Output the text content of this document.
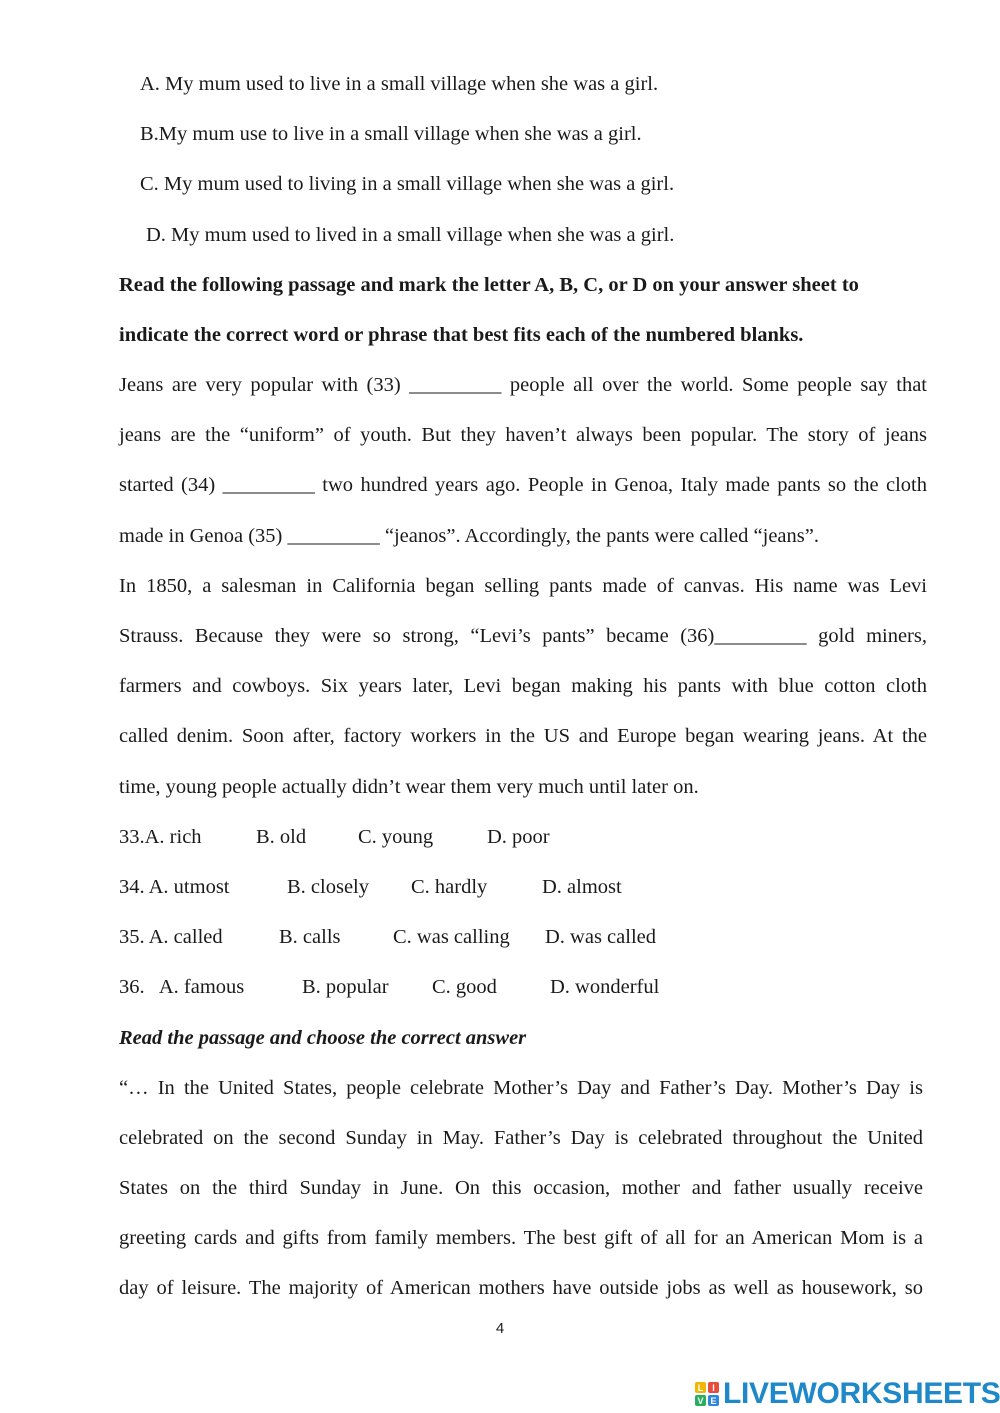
A. My mum used to live in a small village when she was a girl.
B.My mum use to live in a small village when she was a girl.
C. My mum used to living in a small village when she was a girl.
D. My mum used to lived in a small village when she was a girl.
Read the following passage and mark the letter A, B, C, or D on your answer sheet to
indicate the correct word or phrase that best fits each of the numbered blanks.
Jeans are very popular with (33) _________ people all over the world. Some people say that
jeans are the “uniform” of youth. But they haven’t always been popular. The story of jeans
started (34) _________ two hundred years ago. People in Genoa, Italy made pants so the cloth
made in Genoa (35) _________ “jeanos”. Accordingly, the pants were called “jeans”.
In 1850, a salesman in California began selling pants made of canvas. His name was Levi
Strauss. Because they were so strong, “Levi’s pants” became (36)_________ gold miners,
farmers and cowboys. Six years later, Levi began making his pants with blue cotton cloth
called denim. Soon after, factory workers in the US and Europe began wearing jeans. At the
time, young people actually didn’t wear them very much until later on.
33.A. rich	B. old	C. young	D. poor
34. A. utmost	B. closely C. hardly	D. almost
35. A. called	B. calls	C. was calling D. was called
36.   A. famous	B. popular C. good	D. wonderful
Read the passage and choose the correct answer
“… In the United States, people celebrate Mother’s Day and Father’s Day. Mother’s Day is
celebrated on the second Sunday in May. Father’s Day is celebrated throughout the United
States on the third Sunday in June. On this occasion, mother and father usually receive
greeting cards and gifts from family members. The best gift of all for an American Mom is a
day of leisure. The majority of American mothers have outside jobs as well as housework, so
4
L I
V E LIVEWORKSHEETS
